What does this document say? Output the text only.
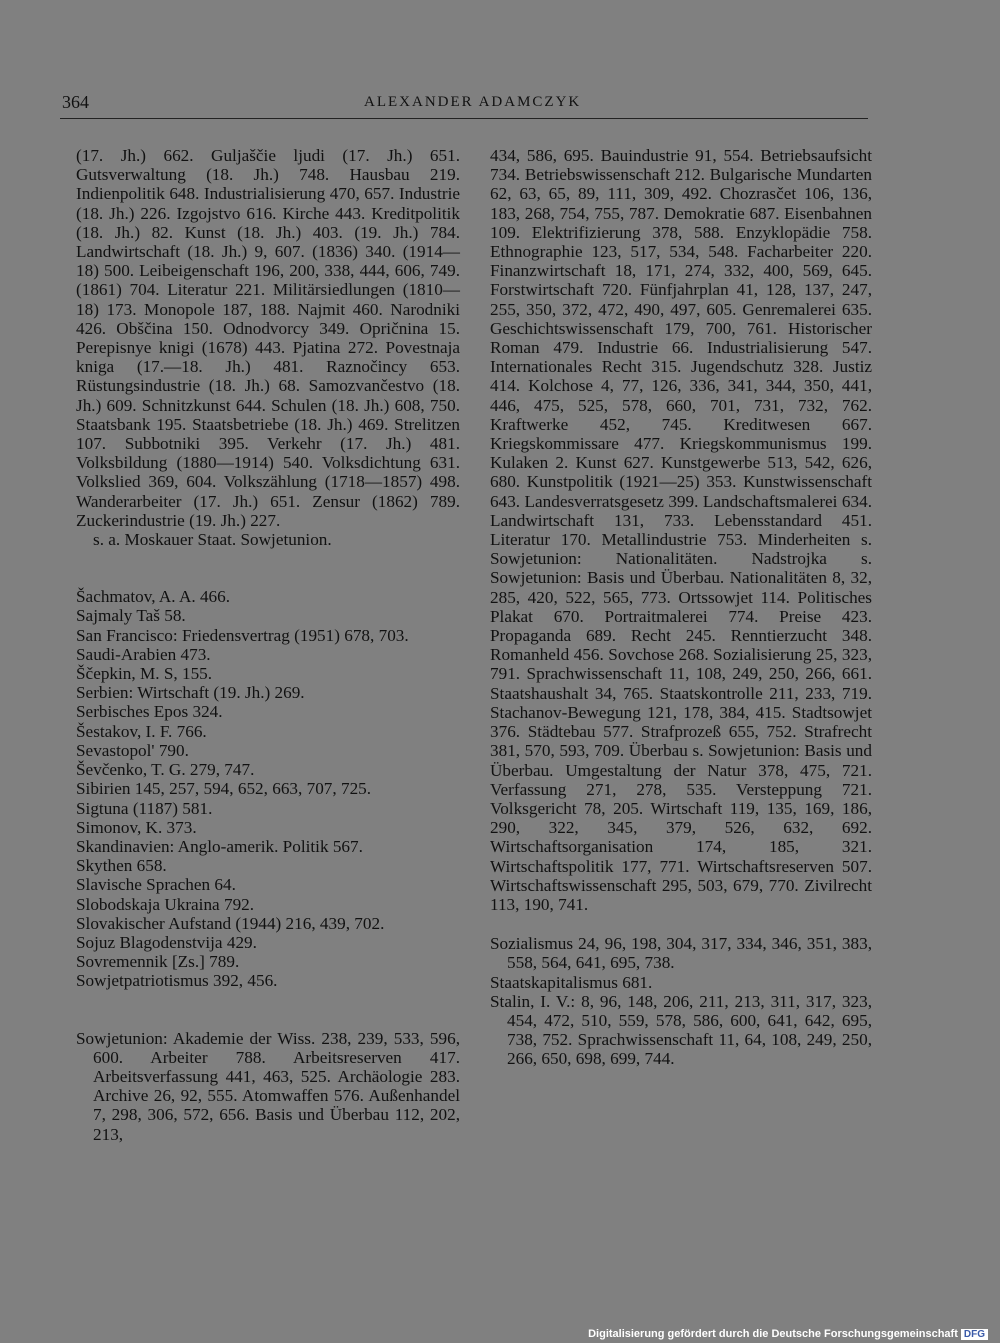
364	ALEXANDER ADAMCZYK
(17. Jh.) 662. Guljaščie ljudi (17. Jh.) 651. Gutsverwaltung (18. Jh.) 748. Hausbau 219. Indienpolitik 648. Industrialisierung 470, 657. Industrie (18. Jh.) 226. Izgojstvo 616. Kirche 443. Kreditpolitik (18. Jh.) 82. Kunst (18. Jh.) 403. (19. Jh.) 784. Landwirtschaft (18. Jh.) 9, 607. (1836) 340. (1914—18) 500. Leibeigenschaft 196, 200, 338, 444, 606, 749. (1861) 704. Literatur 221. Militärsiedlungen (1810—18) 173. Monopole 187, 188. Najmit 460. Narodniki 426. Obščina 150. Odnodvorcy 349. Opričnina 15. Perepisnye knigi (1678) 443. Pjatina 272. Povestnaja kniga (17.—18. Jh.) 481. Raznočincy 653. Rüstungsindustrie (18. Jh.) 68. Samozvančestvo (18. Jh.) 609. Schnitzkunst 644. Schulen (18. Jh.) 608, 750. Staatsbank 195. Staatsbetriebe (18. Jh.) 469. Strelitzen 107. Subbotniki 395. Verkehr (17. Jh.) 481. Volksbildung (1880—1914) 540. Volksdichtung 631. Volkslied 369, 604. Volkszählung (1718—1857) 498. Wanderarbeiter (17. Jh.) 651. Zensur (1862) 789. Zuckerindustrie (19. Jh.) 227.
s. a. Moskauer Staat. Sowjetunion.
Šachmatov, A. A. 466.
Sajmaly Taš 58.
San Francisco: Friedensvertrag (1951) 678, 703.
Saudi-Arabien 473.
Ščepkin, M. S, 155.
Serbien: Wirtschaft (19. Jh.) 269.
Serbisches Epos 324.
Šestakov, I. F. 766.
Sevastopol' 790.
Ševčenko, T. G. 279, 747.
Sibirien 145, 257, 594, 652, 663, 707, 725.
Sigtuna (1187) 581.
Simonov, K. 373.
Skandinavien: Anglo-amerik. Politik 567.
Skythen 658.
Slavische Sprachen 64.
Slobodskaja Ukraina 792.
Slovakischer Aufstand (1944) 216, 439, 702.
Sojuz Blagodenstvija 429.
Sovremennik [Zs.] 789.
Sowjetpatriotismus 392, 456.
Sowjetunion: Akademie der Wiss. 238, 239, 533, 596, 600. Arbeiter 788. Arbeitsreserven 417. Arbeitsverfassung 441, 463, 525. Archäologie 283. Archive 26, 92, 555. Atomwaffen 576. Außenhandel 7, 298, 306, 572, 656. Basis und Überbau 112, 202, 213,
434, 586, 695. Bauindustrie 91, 554. Betriebsaufsicht 734. Betriebswissenschaft 212. Bulgarische Mundarten 62, 63, 65, 89, 111, 309, 492. Chozrasčet 106, 136, 183, 268, 754, 755, 787. Demokratie 687. Eisenbahnen 109. Elektrifizierung 378, 588. Enzyklopädie 758. Ethnographie 123, 517, 534, 548. Facharbeiter 220. Finanzwirtschaft 18, 171, 274, 332, 400, 569, 645. Forstwirtschaft 720. Fünfjahrplan 41, 128, 137, 247, 255, 350, 372, 472, 490, 497, 605. Genremalerei 635. Geschichtswissenschaft 179, 700, 761. Historischer Roman 479. Industrie 66. Industrialisierung 547. Internationales Recht 315. Jugendschutz 328. Justiz 414. Kolchose 4, 77, 126, 336, 341, 344, 350, 441, 446, 475, 525, 578, 660, 701, 731, 732, 762. Kraftwerke 452, 745. Kreditwesen 667. Kriegskommissare 477. Kriegskommunismus 199. Kulaken 2. Kunst 627. Kunstgewerbe 513, 542, 626, 680. Kunstpolitik (1921—25) 353. Kunstwissenschaft 643. Landesverratsgesetz 399. Landschaftsmalerei 634. Landwirtschaft 131, 733. Lebensstandard 451. Literatur 170. Metallindustrie 753. Minderheiten s. Sowjetunion: Nationalitäten. Nadstrojka s. Sowjetunion: Basis und Überbau. Nationalitäten 8, 32, 285, 420, 522, 565, 773. Ortssowjet 114. Politisches Plakat 670. Portraitmalerei 774. Preise 423. Propaganda 689. Recht 245. Renntierzucht 348. Romanheld 456. Sovchose 268. Sozialisierung 25, 323, 791. Sprachwissenschaft 11, 108, 249, 250, 266, 661. Staatshaushalt 34, 765. Staatskontrolle 211, 233, 719. Stachanov-Bewegung 121, 178, 384, 415. Stadtsowjet 376. Städtebau 577. Strafprozeß 655, 752. Strafrecht 381, 570, 593, 709. Überbau s. Sowjetunion: Basis und Überbau. Umgestaltung der Natur 378, 475, 721. Verfassung 271, 278, 535. Versteppung 721. Volksgericht 78, 205. Wirtschaft 119, 135, 169, 186, 290, 322, 345, 379, 526, 632, 692. Wirtschaftsorganisation 174, 185, 321. Wirtschaftspolitik 177, 771. Wirtschaftsreserven 507. Wirtschaftswissenschaft 295, 503, 679, 770. Zivilrecht 113, 190, 741.
Sozialismus 24, 96, 198, 304, 317, 334, 346, 351, 383, 558, 564, 641, 695, 738.
Staatskapitalismus 681.
Stalin, I. V.: 8, 96, 148, 206, 211, 213, 311, 317, 323, 454, 472, 510, 559, 578, 586, 600, 641, 642, 695, 738, 752. Sprachwissenschaft 11, 64, 108, 249, 250, 266, 650, 698, 699, 744.
Digitalisierung gefördert durch die Deutsche Forschungsgemeinschaft DFG
